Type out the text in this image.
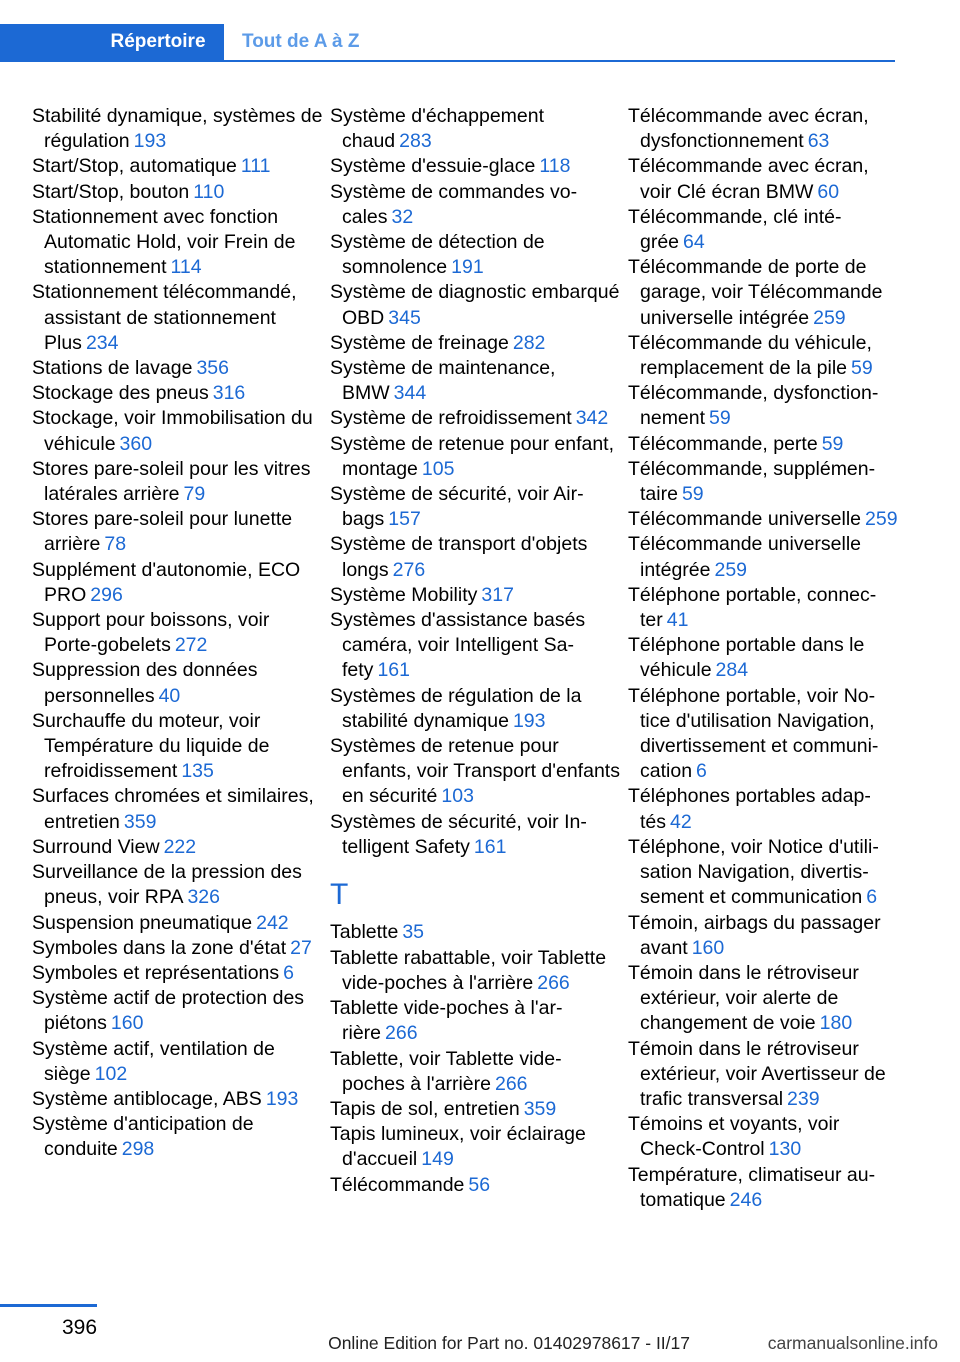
Répertoire	Tout de A à Z
Stabilité dynamique, systèmes de régulation 193
Start/Stop, automatique 111
Start/Stop, bouton 110
Stationnement avec fonction Automatic Hold, voir Frein de stationnement 114
Stationnement télécommandé, assistant de stationnement Plus 234
Stations de lavage 356
Stockage des pneus 316
Stockage, voir Immobilisation du véhicule 360
Stores pare-soleil pour les vitres latérales arrière 79
Stores pare-soleil pour lunette arrière 78
Supplément d'autonomie, ECO PRO 296
Support pour boissons, voir Porte-gobelets 272
Suppression des données personnelles 40
Surchauffe du moteur, voir Température du liquide de refroidissement 135
Surfaces chromées et similaires, entretien 359
Surround View 222
Surveillance de la pression des pneus, voir RPA 326
Suspension pneumatique 242
Symboles dans la zone d'état 27
Symboles et représentations 6
Système actif de protection des piétons 160
Système actif, ventilation de siège 102
Système antiblocage, ABS 193
Système d'anticipation de conduite 298
Système d'échappement chaud 283
Système d'essuie-glace 118
Système de commandes vocales 32
Système de détection de somnolence 191
Système de diagnostic embarqué OBD 345
Système de freinage 282
Système de maintenance, BMW 344
Système de refroidissement 342
Système de retenue pour enfant, montage 105
Système de sécurité, voir Airbags 157
Système de transport d'objets longs 276
Système Mobility 317
Systèmes d'assistance basés caméra, voir Intelligent Safety 161
Systèmes de régulation de la stabilité dynamique 193
Systèmes de retenue pour enfants, voir Transport d'enfants en sécurité 103
Systèmes de sécurité, voir Intelligent Safety 161
T
Tablette 35
Tablette rabattable, voir Tablette vide-poches à l'arrière 266
Tablette vide-poches à l'arrière 266
Tablette, voir Tablette vide-poches à l'arrière 266
Tapis de sol, entretien 359
Tapis lumineux, voir éclairage d'accueil 149
Télécommande 56
Télécommande avec écran, dysfonctionnement 63
Télécommande avec écran, voir Clé écran BMW 60
Télécommande, clé intégrée 64
Télécommande de porte de garage, voir Télécommande universelle intégrée 259
Télécommande du véhicule, remplacement de la pile 59
Télécommande, dysfonctionnement 59
Télécommande, perte 59
Télécommande, supplémentaire 59
Télécommande universelle 259
Télécommande universelle intégrée 259
Téléphone portable, connecter 41
Téléphone portable dans le véhicule 284
Téléphone portable, voir Notice d'utilisation Navigation, divertissement et communication 6
Téléphones portables adaptés 42
Téléphone, voir Notice d'utilisation Navigation, divertissement et communication 6
Témoin, airbags du passager avant 160
Témoin dans le rétroviseur extérieur, voir alerte de changement de voie 180
Témoin dans le rétroviseur extérieur, voir Avertisseur de trafic transversal 239
Témoins et voyants, voir Check-Control 130
Température, climatiseur automatique 246
396
Online Edition for Part no. 01402978617 - II/17	carmanualsonline.info
